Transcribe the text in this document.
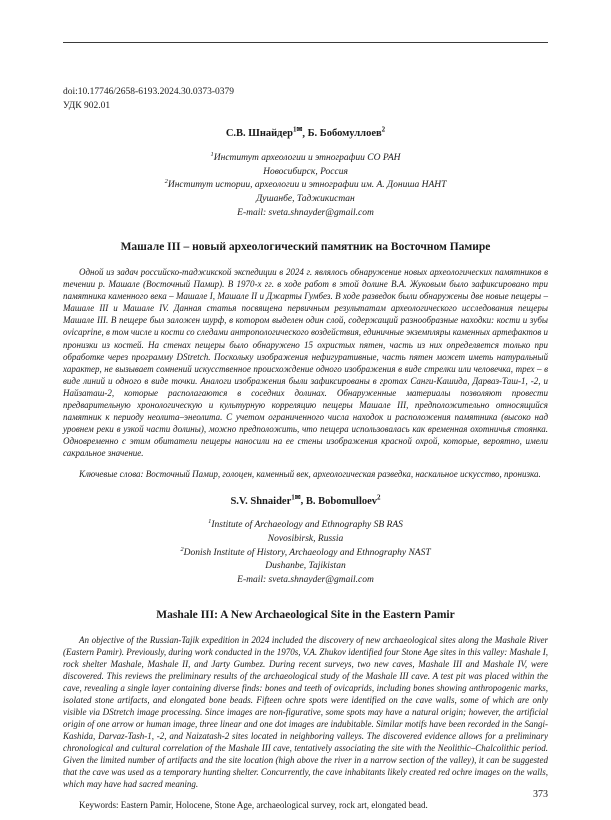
doi:10.17746/2658-6193.2024.30.0373-0379
УДК 902.01

С.В. Шнайдер$^{1✉}$, Б. Бобомуллоев$^2$

$^1$Институт археологии и этнографии СО РАН
Новосибирск, Россия
$^2$Институт истории, археологии и этнографии им. А. Дониша НАНТ
Душанбе, Таджикистан
E-mail: sveta.shnayder@gmail.com
Машале III – новый археологический памятник на Восточном Памире

Одной из задач российско-таджикской экспедиции в 2024 г. являлось обнаружение новых археологических памятников в течении р. Машале (Восточный Памир). В 1970-х гг. в ходе работ в этой долине В.А. Жуковым было зафиксировано три памятника каменного века – Машале I, Машале II и Джарты Гумбез. В ходе разведок были обнаружены две новые пещеры – Машале III и Машале IV. Данная статья посвящена первичным результатам археологического исследования пещеры Машале III. В пещере был заложен шурф, в котором выделен один слой, содержащий разнообразные находки: кости и зубы ovicaprine, в том числе и кости со следами антропологического воздействия, единичные экземпляры каменных артефактов и пронизки из костей. На стенах пещеры было обнаружено 15 охристых пятен, часть из них определяется только при обработке через программу DStretch. Поскольку изображения нефигуративные, часть пятен может иметь натуральный характер, не вызывает сомнений искусственное происхождение одного изображения в виде стрелки или человечка, трех – в виде линий и одного в виде точки. Аналоги изображения были зафиксированы в гротах Санги-Кашида, Дарваз-Таш-1, -2, и Найзаташ-2, которые располагаются в соседних долинах. Обнаруженные материалы позволяют провести предварительную хронологическую и культурную корреляцию пещеры Машале III, предположительно относящийся памятник к периоду неолита–энеолита. С учетом ограниченного числа находок и расположения памятника (высоко над уровнем реки в узкой части долины), можно предположить, что пещера использовалась как временная охотничья стоянка. Одновременно с этим обитатели пещеры наносили на ее стены изображения красной охрой, которые, вероятно, имели сакральное значение.

Ключевые слова: Восточный Памир, голоцен, каменный век, археологическая разведка, наскальное искусство, пронизка.

S.V. Shnaider$^{1✉}$, B. Bobomulloev$^2$

$^1$Institute of Archaeology and Ethnography SB RAS
Novosibirsk, Russia
$^2$Donish Institute of History, Archaeology and Ethnography NAST
Dushanbe, Tajikistan
E-mail: sveta.shnayder@gmail.com
Mashale III: A New Archaeological Site in the Eastern Pamir

An objective of the Russian-Tajik expedition in 2024 included the discovery of new archaeological sites along the Mashale River (Eastern Pamir). Previously, during work conducted in the 1970s, V.A. Zhukov identified four Stone Age sites in this valley: Mashale I, rock shelter Mashale, Mashale II, and Jarty Gumbez. During recent surveys, two new caves, Mashale III and Mashale IV, were discovered. This reviews the preliminary results of the archaeological study of the Mashale III cave. A test pit was placed within the cave, revealing a single layer containing diverse finds: bones and teeth of ovicaprids, including bones showing anthropogenic marks, isolated stone artifacts, and elongated bone beads. Fifteen ochre spots were identified on the cave walls, some of which are only visible via DStretch image processing. Since images are non-figurative, some spots may have a natural origin; however, the artificial origin of one arrow or human image, three linear and one dot images are indubitable. Similar motifs have been recorded in the Sangi-Kashida, Darvaz-Tash-1, -2, and Naizatash-2 sites located in neighboring valleys. The discovered evidence allows for a preliminary chronological and cultural correlation of the Mashale III cave, tentatively associating the site with the Neolithic–Chalcolithic period. Given the limited number of artifacts and the site location (high above the river in a narrow section of the valley), it can be suggested that the cave was used as a temporary hunting shelter. Concurrently, the cave inhabitants likely created red ochre images on the walls, which may have had sacred meaning.

Keywords: Eastern Pamir, Holocene, Stone Age, archaeological survey, rock art, elongated bead.

373
